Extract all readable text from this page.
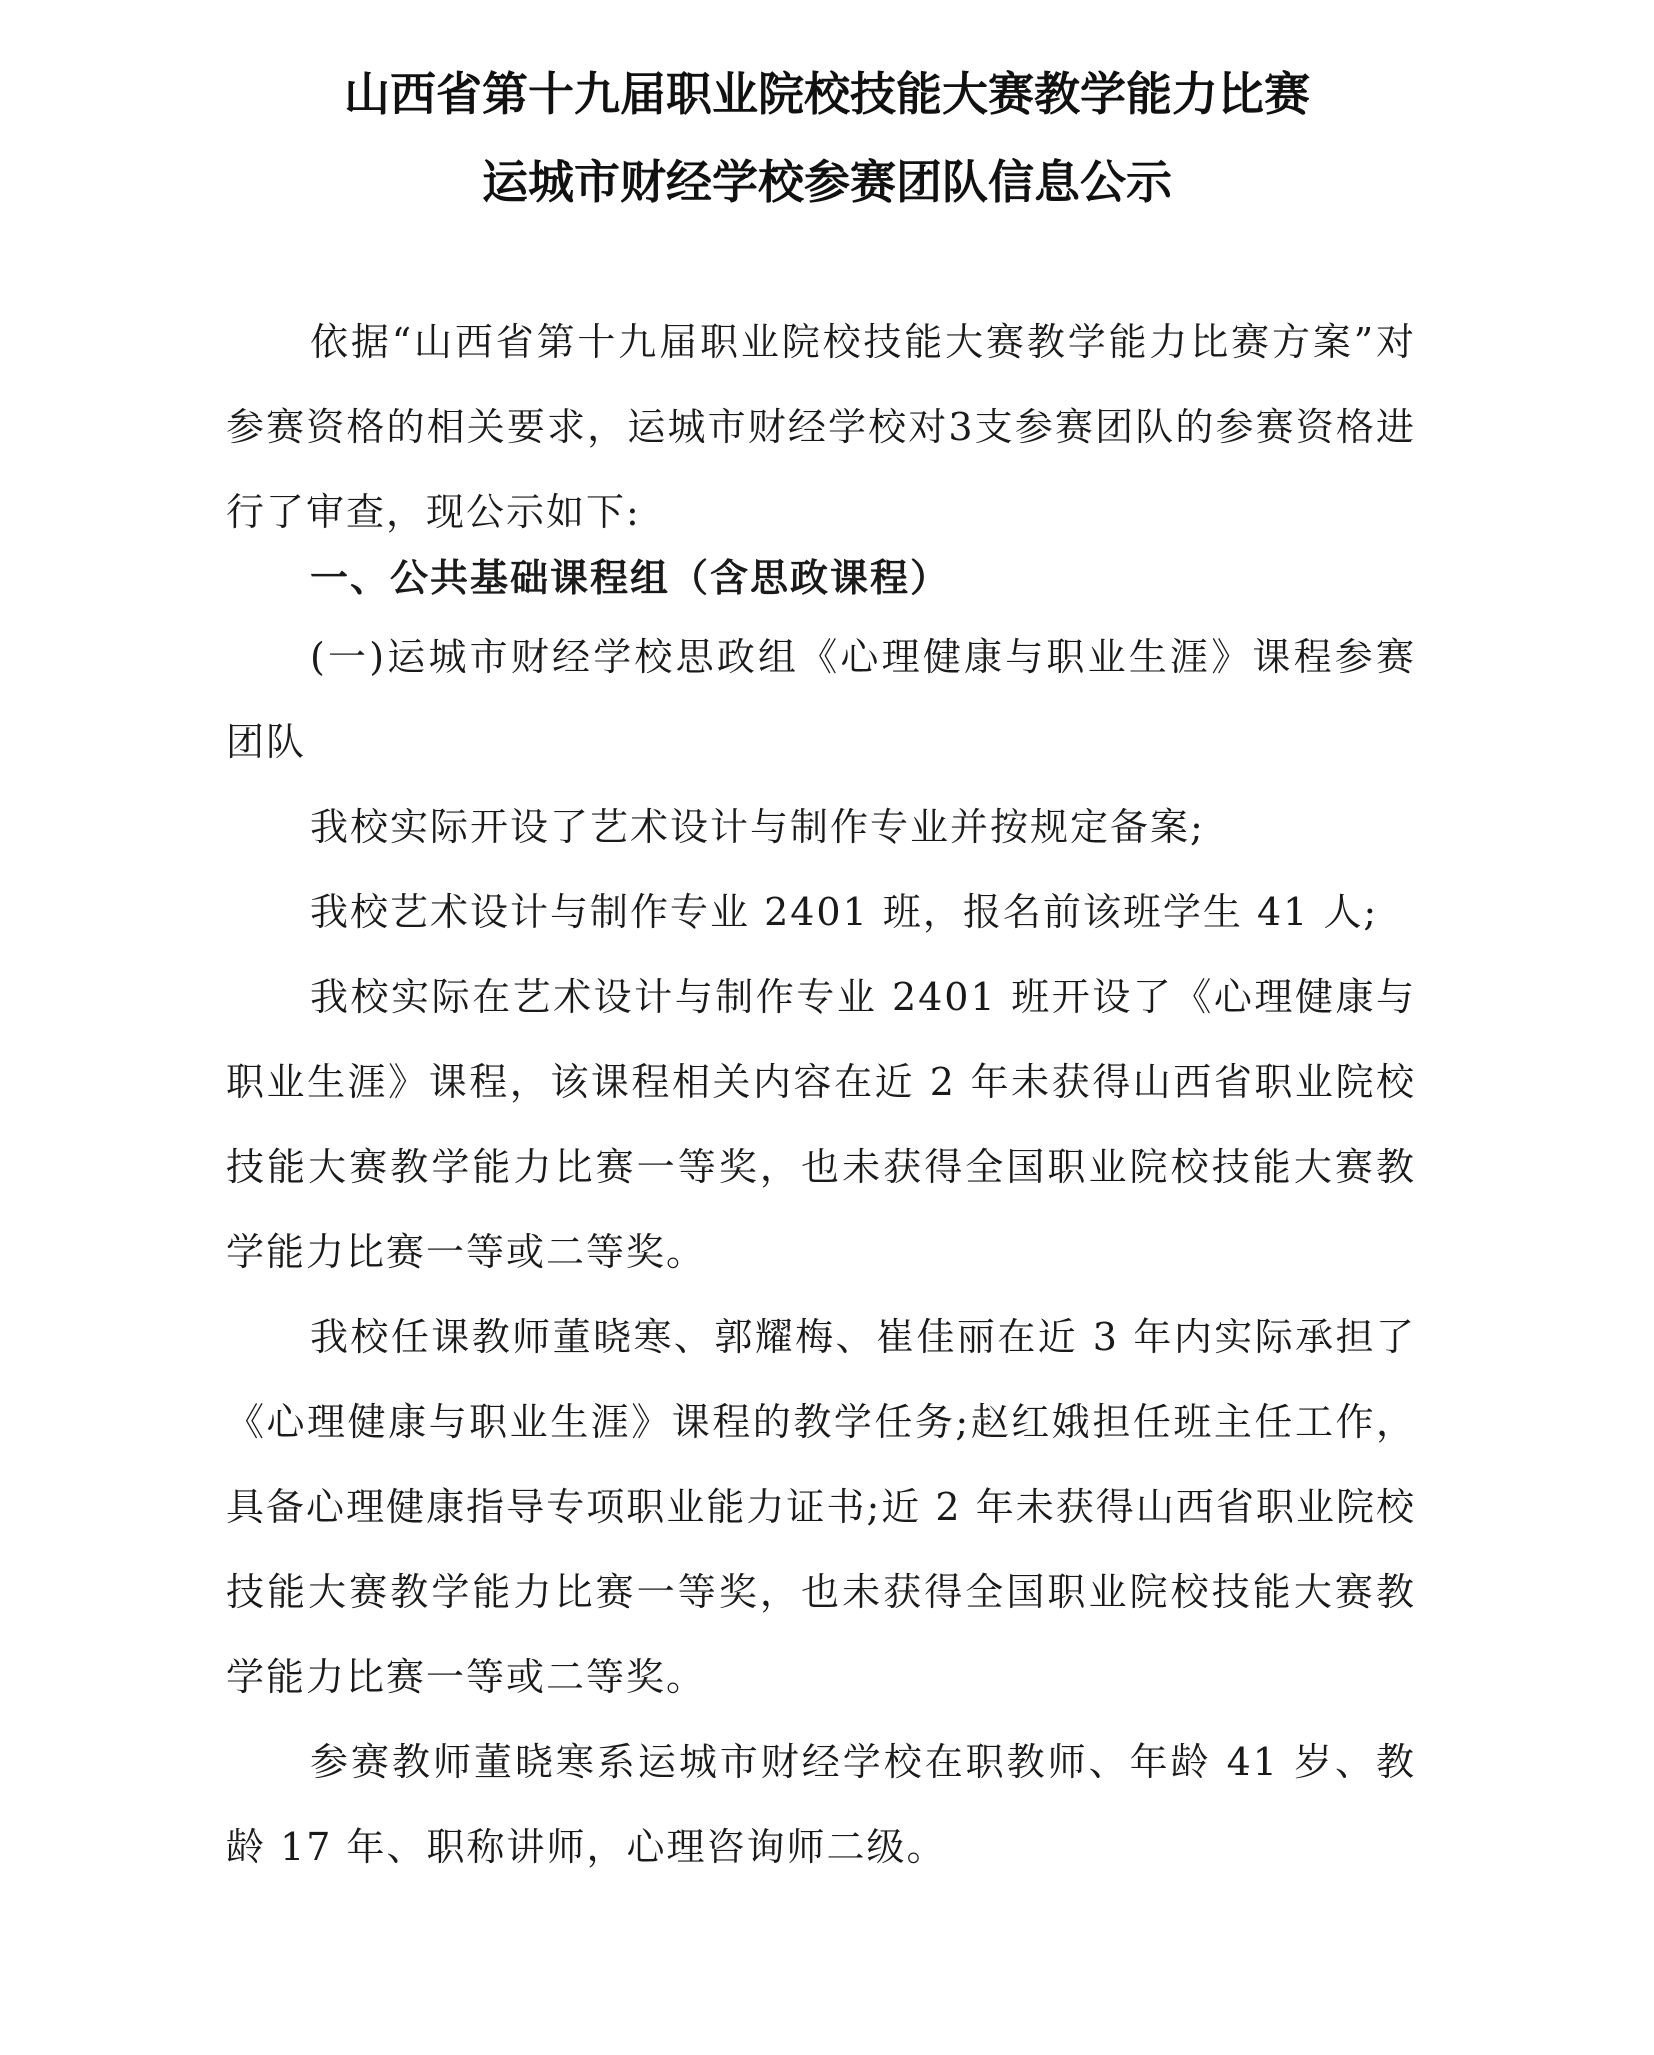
山西省第十九届职业院校技能大赛教学能力比赛
运城市财经学校参赛团队信息公示

依据“山西省第十九届职业院校技能大赛教学能力比赛方案”对参赛资格的相关要求，运城市财经学校对3支参赛团队的参赛资格进行了审查，现公示如下:

一、公共基础课程组（含思政课程）

(一)运城市财经学校思政组《心理健康与职业生涯》课程参赛团队

我校实际开设了艺术设计与制作专业并按规定备案;

我校艺术设计与制作专业 2401 班，报名前该班学生 41 人;

我校实际在艺术设计与制作专业 2401 班开设了《心理健康与职业生涯》课程，该课程相关内容在近 2 年未获得山西省职业院校技能大赛教学能力比赛一等奖，也未获得全国职业院校技能大赛教学能力比赛一等或二等奖。

我校任课教师董晓寒、郭耀梅、崔佳丽在近 3 年内实际承担了《心理健康与职业生涯》课程的教学任务;赵红娥担任班主任工作，具备心理健康指导专项职业能力证书;近 2 年未获得山西省职业院校技能大赛教学能力比赛一等奖，也未获得全国职业院校技能大赛教学能力比赛一等或二等奖。

参赛教师董晓寒系运城市财经学校在职教师、年龄 41 岁、教龄 17 年、职称讲师，心理咨询师二级。
